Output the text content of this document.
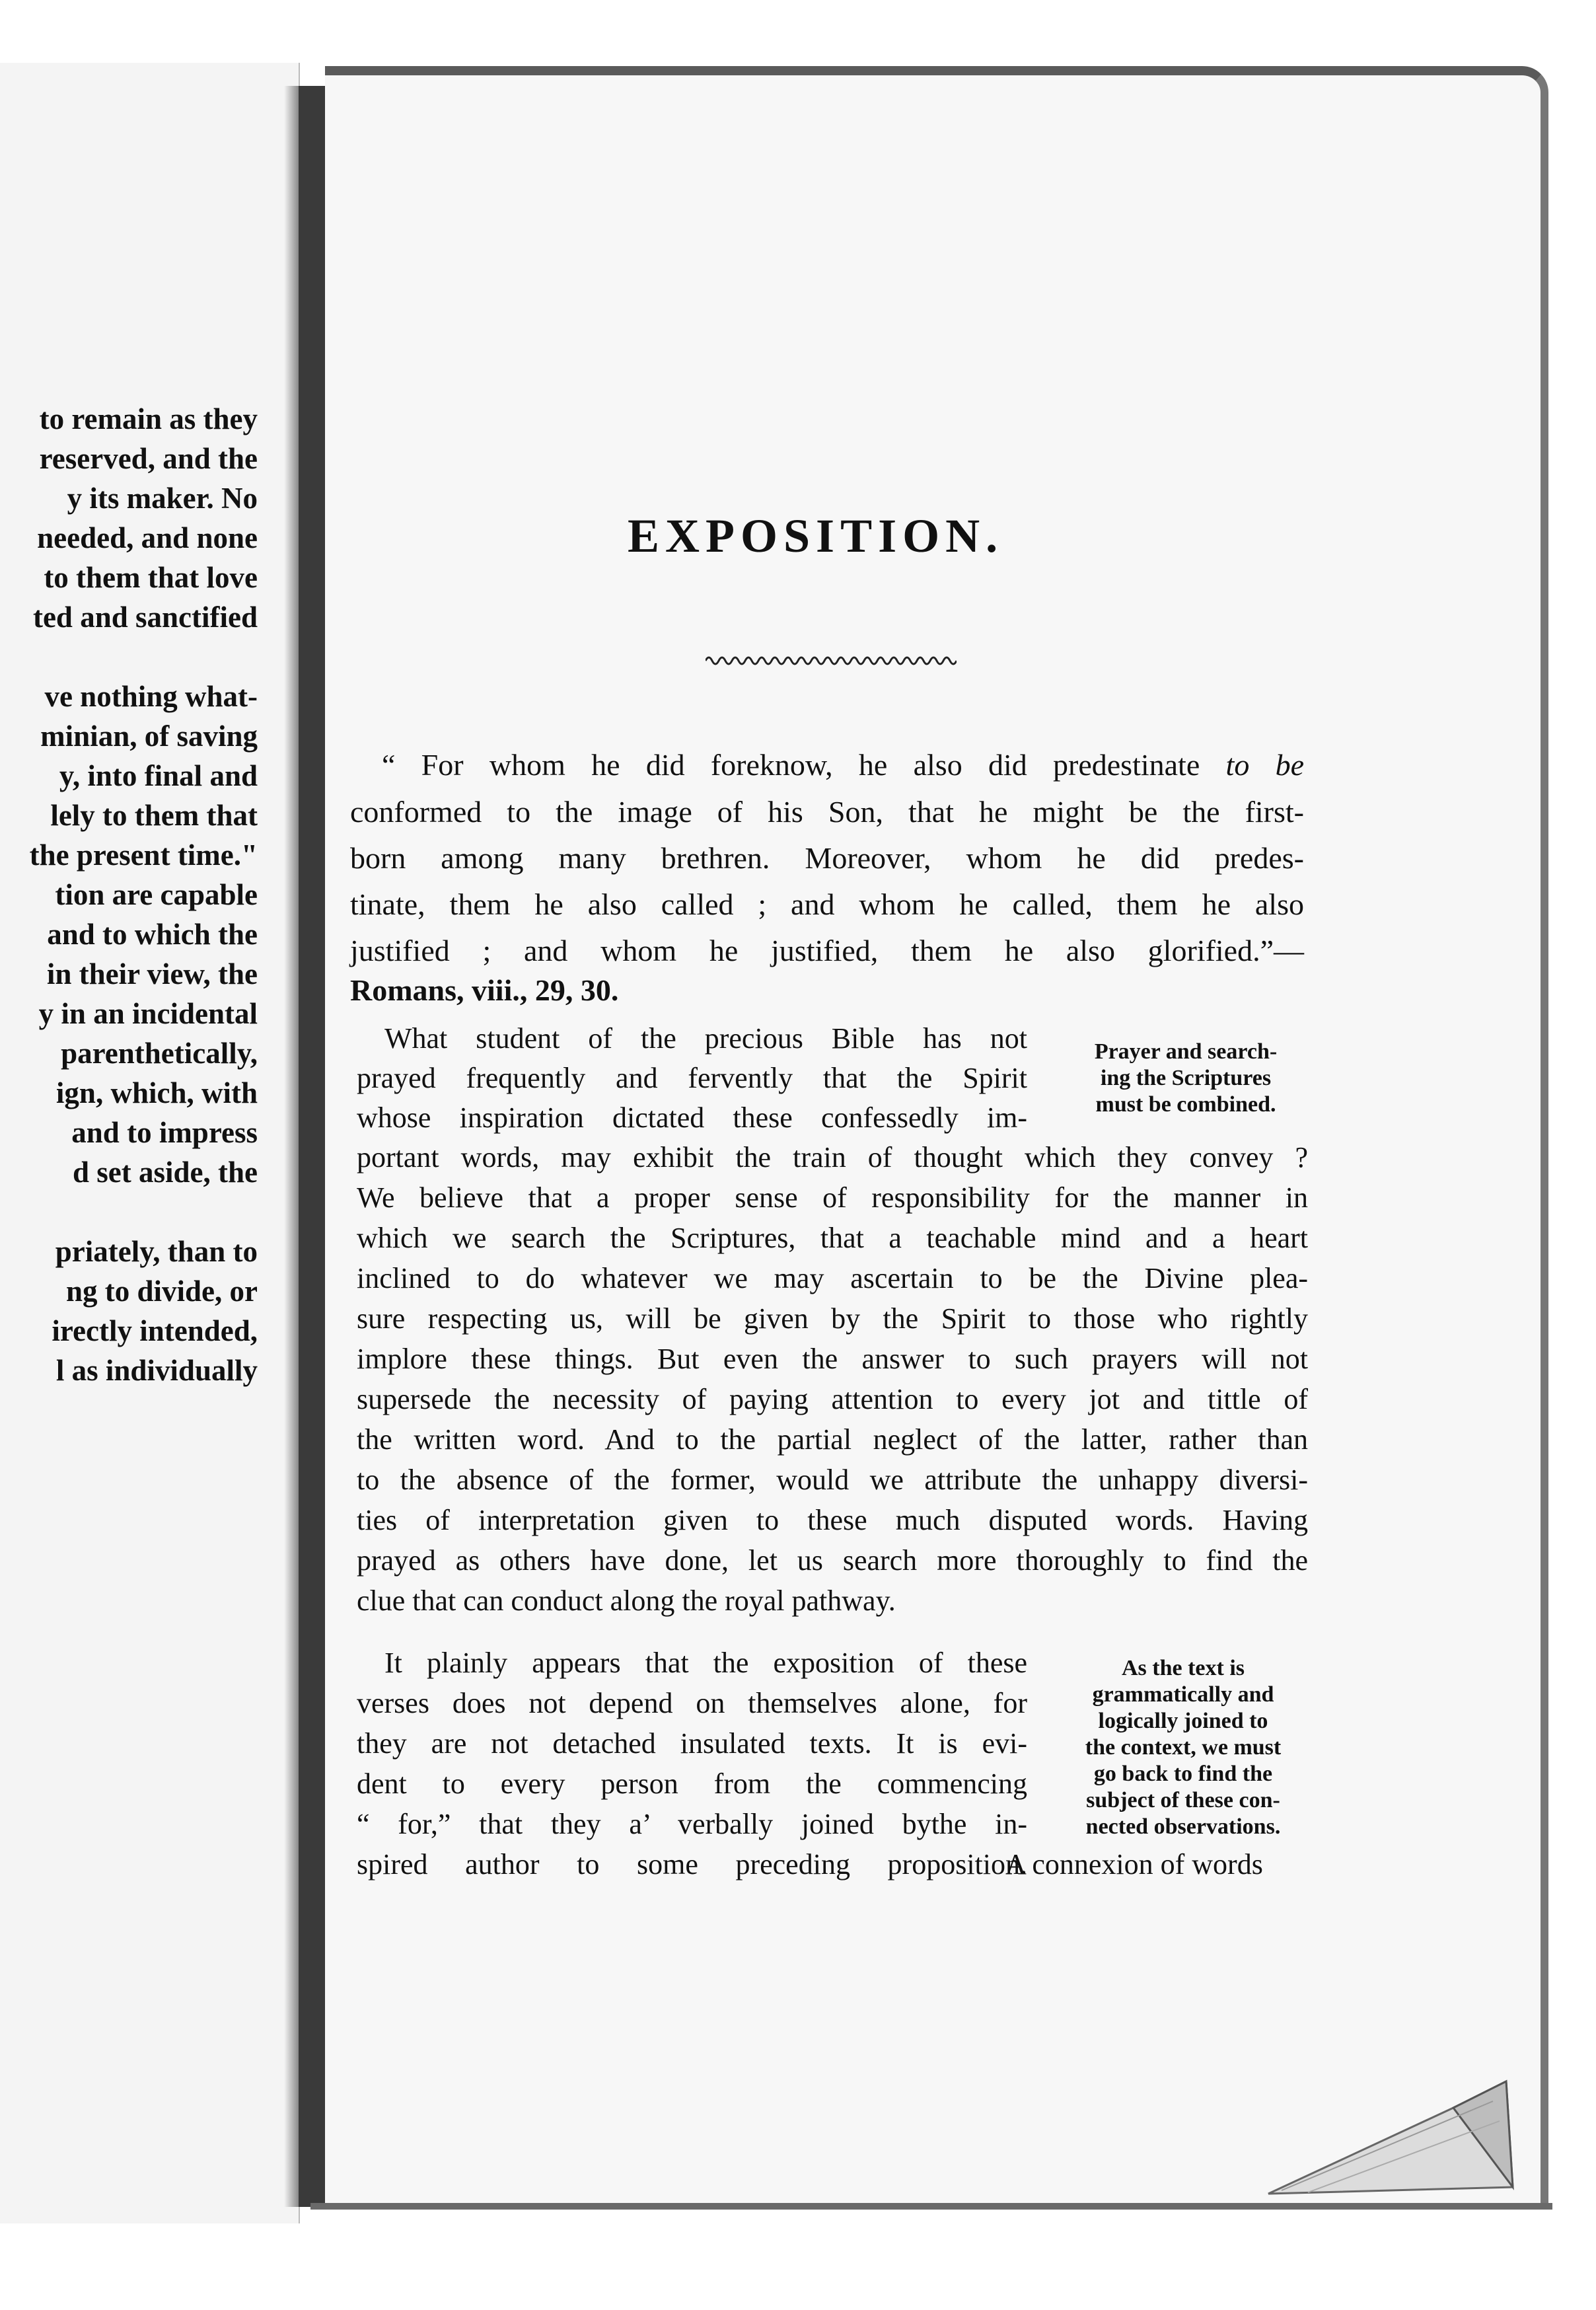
to remain as they
reserved, and the
y its maker. No
needed, and none
to them that love
ted and sanctified
ve nothing what-
minian, of saving
y, into final and
lely to them that
the present time."
tion are capable
and to which the
in their view, the
y in an incidental
parenthetically,
ign, which, with
and to impress
d set aside, the
priately, than to
ng to divide, or
irectly intended,
l as individually
EXPOSITION.
“ For whom he did foreknow, he also did predestinate to be
conformed to the image of his Son, that he might be the first-
born among many brethren. Moreover, whom he did predes-
tinate, them he also called ; and whom he called, them he also
justified ; and whom he justified, them he also glorified.”—
Romans, viii., 29, 30.
What student of the precious Bible has not
prayed frequently and fervently that the Spirit
whose inspiration dictated these confessedly im-
portant words, may exhibit the train of thought which they convey ?
We believe that a proper sense of responsibility for the manner in
which we search the Scriptures, that a teachable mind and a heart
inclined to do whatever we may ascertain to be the Divine plea-
sure respecting us, will be given by the Spirit to those who rightly
implore these things. But even the answer to such prayers will not
supersede the necessity of paying attention to every jot and tittle of
the written word. And to the partial neglect of the latter, rather than
to the absence of the former, would we attribute the unhappy diversi-
ties of interpretation given to these much disputed words. Having
prayed as others have done, let us search more thoroughly to find the
clue that can conduct along the royal pathway.
Prayer and search-
ing the Scriptures
must be combined.
It plainly appears that the exposition of these
verses does not depend on themselves alone, for
they are not detached insulated texts. It is evi-
dent to every person from the commencing
“ for,” that they a’ verbally joined bythe in-
spired author to some preceding proposition.
A connexion of words
As the text is
grammatically and
logically joined to
the context, we must
go back to find the
subject of these con-
nected observations.
